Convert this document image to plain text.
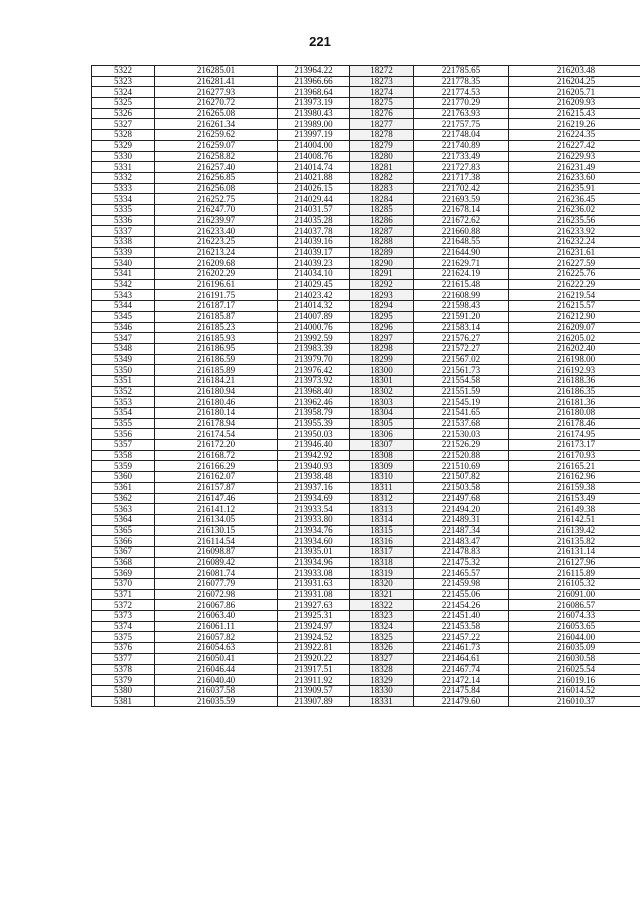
221
5322	216285.01	213964.22	18272	221785.65	216203.48
5323	216281.41	213966.66	18273	221778.35	216204.25
5324	216277.93	213968.64	18274	221774.53	216205.71
5325	216270.72	213973.19	18275	221770.29	216209.93
5326	216265.08	213980.43	18276	221763.93	216215.43
5327	216261.34	213989.00	18277	221757.75	216219.26
5328	216259.62	213997.19	18278	221748.04	216224.35
5329	216259.07	214004.00	18279	221740.89	216227.42
5330	216258.82	214008.76	18280	221733.49	216229.93
5331	216257.40	214014.74	18281	221727.83	216231.49
5332	216256.85	214021.88	18282	221717.38	216233.60
5333	216256.08	214026.15	18283	221702.42	216235.91
5334	216252.75	214029.44	18284	221693.59	216236.45
5335	216247.70	214031.57	18285	221678.14	216236.02
5336	216239.97	214035.28	18286	221672.62	216235.56
5337	216233.40	214037.78	18287	221660.88	216233.92
5338	216223.25	214039.16	18288	221648.55	216232.24
5339	216213.24	214039.17	18289	221644.90	216231.61
5340	216209.68	214039.23	18290	221629.71	216227.59
5341	216202.29	214034.10	18291	221624.19	216225.76
5342	216196.61	214029.45	18292	221615.48	216222.29
5343	216191.75	214023.42	18293	221608.99	216219.54
5344	216187.17	214014.32	18294	221598.43	216215.57
5345	216185.87	214007.89	18295	221591.20	216212.90
5346	216185.23	214000.76	18296	221583.14	216209.07
5347	216185.93	213992.59	18297	221576.27	216205.02
5348	216186.95	213983.39	18298	221572.27	216202.40
5349	216186.59	213979.70	18299	221567.02	216198.00
5350	216185.89	213976.42	18300	221561.73	216192.93
5351	216184.21	213973.92	18301	221554.58	216188.36
5352	216180.94	213968.40	18302	221551.59	216186.35
5353	216180.46	213962.46	18303	221545.19	216181.36
5354	216180.14	213958.79	18304	221541.65	216180.08
5355	216178.94	213955.39	18305	221537.68	216178.46
5356	216174.54	213950.03	18306	221530.03	216174.95
5357	216172.20	213946.40	18307	221526.29	216173.17
5358	216168.72	213942.92	18308	221520.88	216170.93
5359	216166.29	213940.93	18309	221510.69	216165.21
5360	216162.07	213938.48	18310	221507.82	216162.96
5361	216157.87	213937.16	18311	221503.58	216159.38
5362	216147.46	213934.69	18312	221497.68	216153.49
5363	216141.12	213933.54	18313	221494.20	216149.38
5364	216134.05	213933.80	18314	221489.31	216142.51
5365	216130.15	213934.76	18315	221487.34	216139.42
5366	216114.54	213934.60	18316	221483.47	216135.82
5367	216098.87	213935.01	18317	221478.83	216131.14
5368	216089.42	213934.96	18318	221475.32	216127.96
5369	216081.74	213933.08	18319	221465.57	216115.89
5370	216077.79	213931.63	18320	221459.98	216105.32
5371	216072.98	213931.08	18321	221455.06	216091.00
5372	216067.86	213927.63	18322	221454.26	216086.57
5373	216063.40	213925.31	18323	221451.40	216074.33
5374	216061.11	213924.97	18324	221453.58	216053.65
5375	216057.82	213924.52	18325	221457.22	216044.00
5376	216054.63	213922.81	18326	221461.73	216035.09
5377	216050.41	213920.22	18327	221464.61	216030.58
5378	216046.44	213917.51	18328	221467.74	216025.54
5379	216040.40	213911.92	18329	221472.14	216019.16
5380	216037.58	213909.57	18330	221475.84	216014.52
5381	216035.59	213907.89	18331	221479.60	216010.37
